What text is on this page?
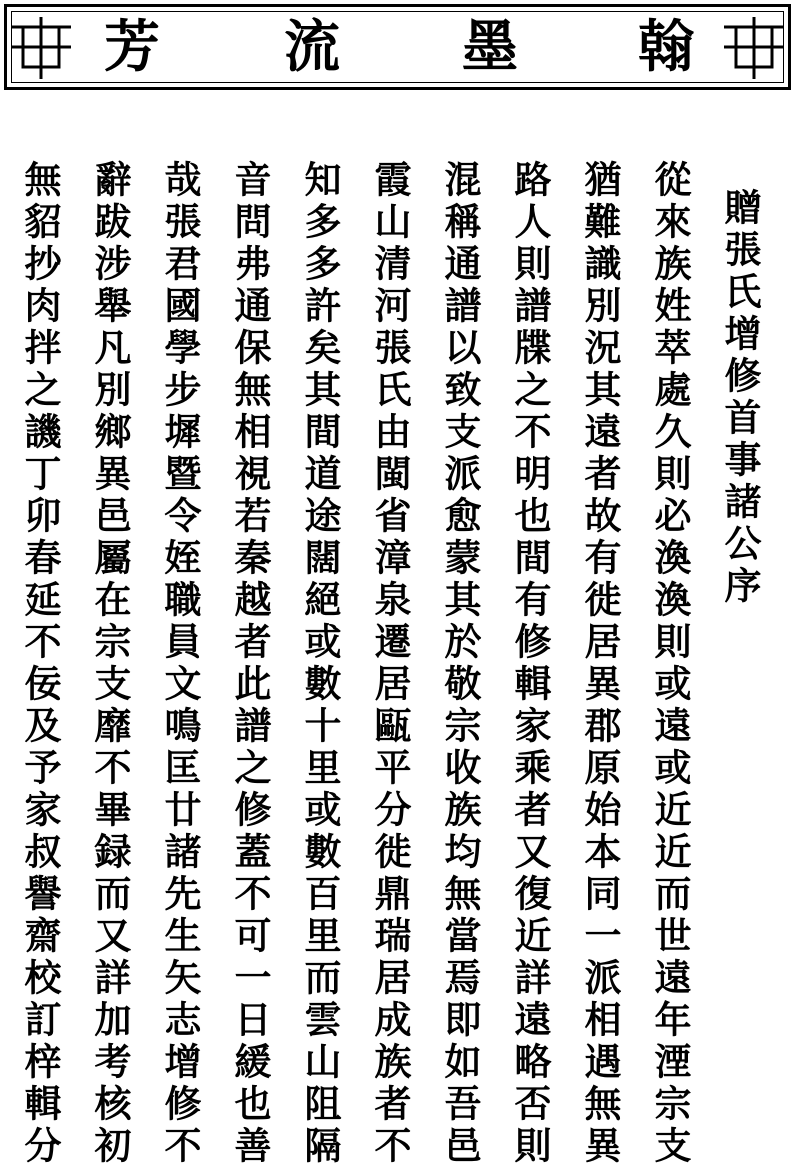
芳 流 墨 翰
贈張氏增修首事諸公序
從來族姓萃處久則必渙渙則或遠或近近而世遠年湮宗支
猶難識別況其遠者故有徙居異郡原始本同一派相遇無異
路人則譜牒之不明也間有修輯家乘者又復近詳遠略否則
混稱通譜以致支派愈蒙其於敬宗收族均無當焉即如吾邑
霞山清河張氏由閩省漳泉遷居甌平分徙鼎瑞居成族者不
知多多許矣其間道途闊絕或數十里或數百里而雲山阻隔
音問弗通保無相視若秦越者此譜之修蓋不可一日緩也善
哉張君國學步墀暨令姪職員文鳴匡廿諸先生矢志增修不
辭跋涉舉凡別鄉異邑屬在宗支靡不畢録而又詳加考核初
無貂抄肉拌之譏丁卯春延不佞及予家叔譽齋校訂梓輯分
